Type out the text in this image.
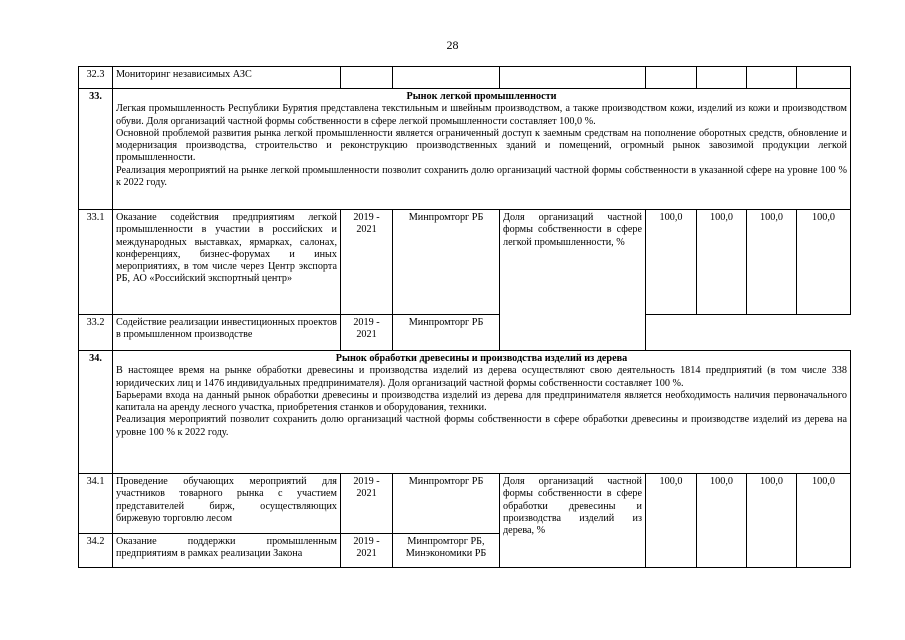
28
32.3	Мониторинг независимых АЗС							
33.	Рынок легкой промышленности
Легкая промышленность Республики Бурятия представлена текстильным и швейным производством, а также производством кожи, изделий из кожи и производством обуви. Доля организаций частной формы собственности в сфере легкой промышленности составляет 100,0 %.
Основной проблемой развития рынка легкой промышленности является ограниченный доступ к заемным средствам на пополнение оборотных средств, обновление и модернизация производства, строительство и реконструкцию производственных зданий и помещений, огромный рынок завозимой продукции легкой промышленности.
Реализация мероприятий на рынке легкой промышленности позволит сохранить долю организаций частной формы собственности в указанной сфере на уровне 100 % к 2022 году.							

33.1	Оказание содействия предприятиям легкой промышленности в участии в российских и международных выставках, ярмарках, салонах, конференциях, бизнес-форумах и иных мероприятиях, в том числе через Центр экспорта РБ, АО «Российский экспортный центр»	2019 - 2021	Минпромторг РБ	Доля организаций частной формы собственности в сфере легкой промышленности, %	100,0	100,0	100,0	100,0
33.2	Содействие реализации инвестиционных проектов в промышленном производстве	2019 - 2021	Минпромторг РБ					
34.	Рынок обработки древесины и производства изделий из дерева
В настоящее время на рынке обработки древесины и производства изделий из дерева осуществляют свою деятельность 1814 предприятий (в том числе 338 юридических лиц и 1476 индивидуальных предпринимателя). Доля организаций частной формы собственности составляет 100 %.
Барьерами входа на данный рынок обработки древесины и производства изделий из дерева для предпринимателя является необходимость наличия первоначального капитала на аренду лесного участка, приобретения станков и оборудования, техники.
Реализация мероприятий позволит сохранить долю организаций частной формы собственности в сфере обработки древесины и производстве изделий из дерева на уровне 100 % к 2022 году.							

34.1	Проведение обучающих мероприятий для участников товарного рынка с участием представителей бирж, осуществляющих биржевую торговлю лесом	2019 - 2021	Минпромторг РБ	Доля организаций частной формы собственности в сфере обработки древесины и производства изделий из дерева, %	100,0	100,0	100,0	100,0
34.2	Оказание поддержки промышленным предприятиям в рамках реализации Закона	2019 - 2021	Минпромторг РБ, Минэкономики РБ					
